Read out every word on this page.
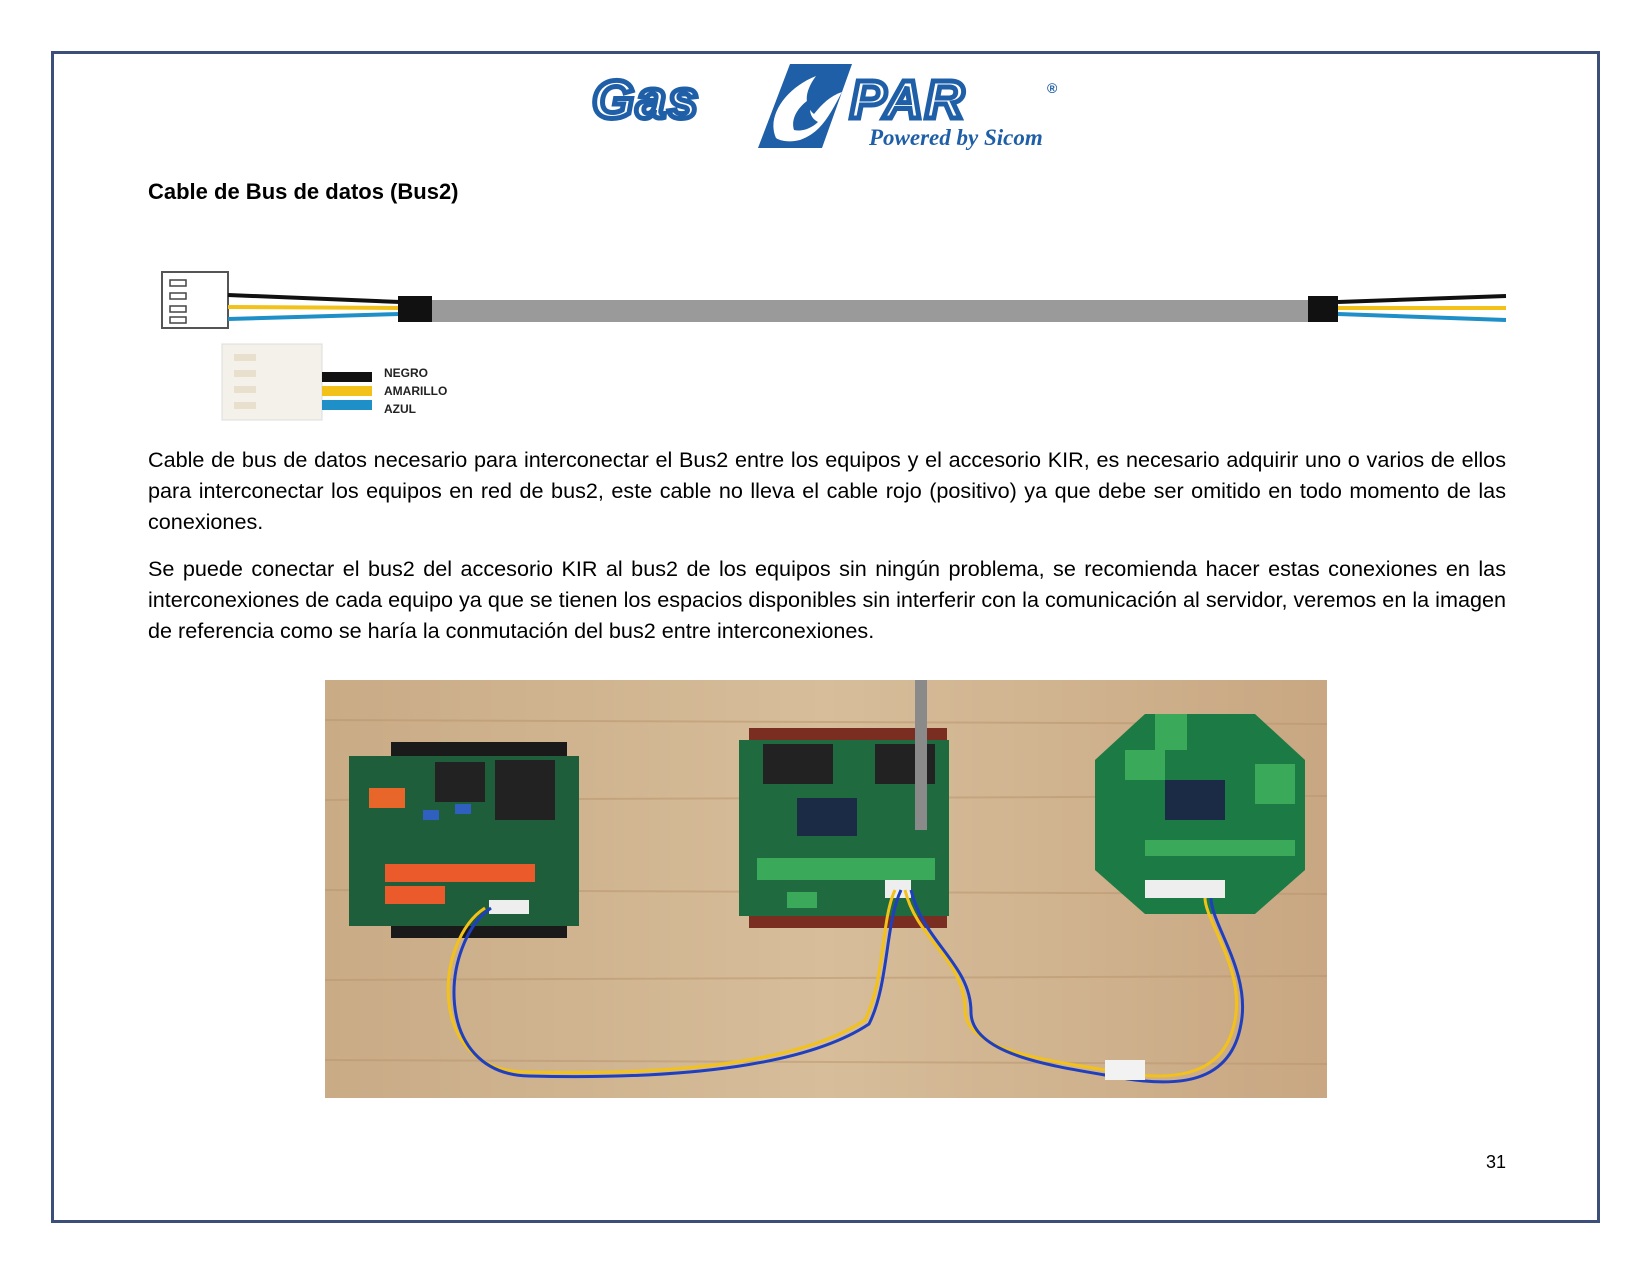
Gas	PAR	®
Powered by Sicom
Cable de Bus de datos (Bus2)
NEGRO
AMARILLO
AZUL

Cable de bus de datos necesario para interconectar el Bus2 entre los equipos y el accesorio KIR, es necesario adquirir uno o varios de ellos para interconectar los equipos en red de bus2, este cable no lleva el cable rojo (positivo) ya que debe ser omitido en todo momento de las conexiones.

Se puede conectar el bus2 del accesorio KIR al bus2 de los equipos sin ningún problema, se recomienda hacer estas conexiones en las interconexiones de cada equipo ya que se tienen los espacios disponibles sin interferir con la comunicación al servidor, veremos en la imagen de referencia como se haría la conmutación del bus2 entre interconexiones.

31
